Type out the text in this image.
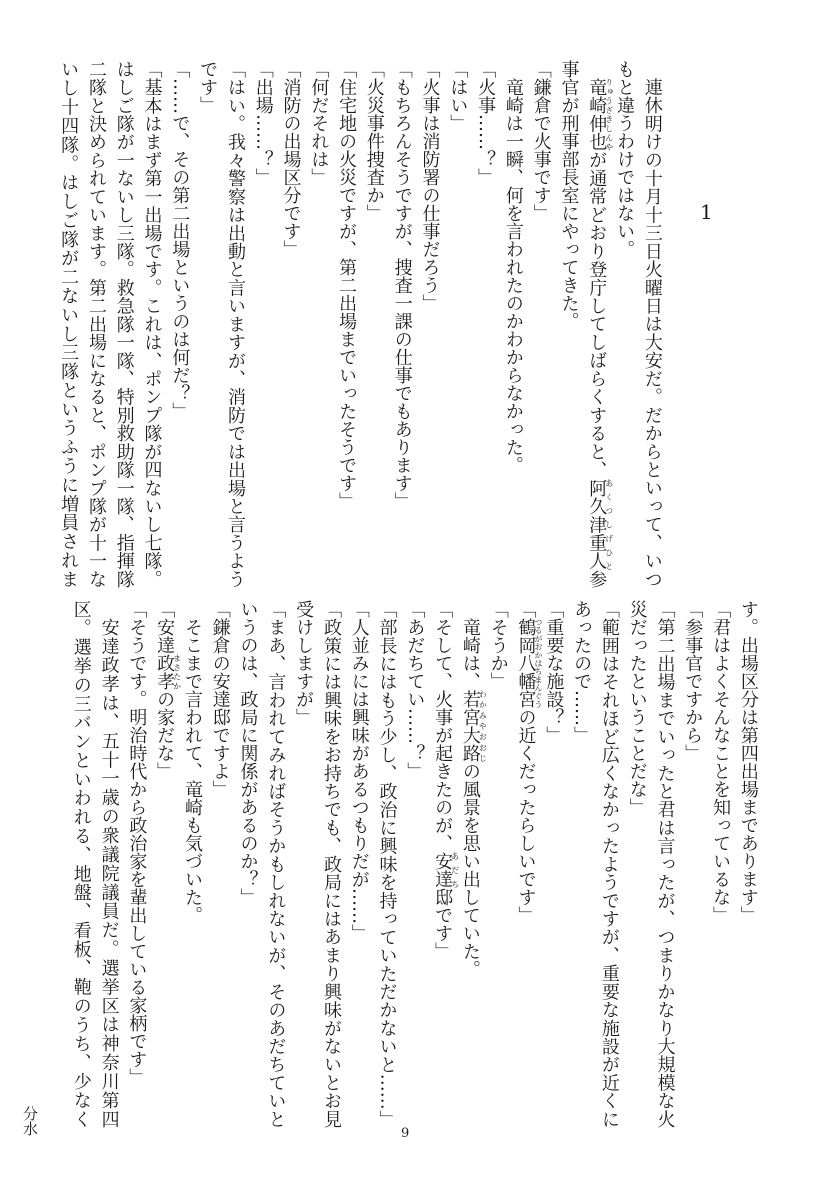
1
連休明けの十月十三日火曜日は大安だ。だからといって、いつ
もと違うわけではない。
竜崎伸也
りゅうざきしんや
が通常どおり登庁してしばらくすると、阿久津重人
あくつしげひと
参
事官が刑事部長室にやってきた。
「鎌倉で火事です」
竜崎は一瞬、何を言われたのかわからなかった。
「火事……？」
「はい」
「火事は消防署の仕事だろう」
「もちろんそうですが、捜査一課の仕事でもあります」
「火災事件捜査か」
「住宅地の火災ですが、第二出場までいったそうです」
「何だそれは」
「消防の出場区分です」
「出場……？」
「はい。我々警察は出動と言いますが、消防では出場と言うよう
です」
「……で、その第二出場というのは何だ？」
「基本はまず第一出場です。これは、ポンプ隊が四ないし七隊。
はしご隊が一ないし三隊。救急隊一隊、特別救助隊一隊、指揮隊
二隊と決められています。第二出場になると、ポンプ隊が十一な
いし十四隊。はしご隊が二ないし三隊というふうに増員されま
す。出場区分は第四出場まであります」
「君はよくそんなことを知っているな」
「参事官ですから」
「第二出場までいったと君は言ったが、つまりかなり大規模な火
災だったということだな」
「範囲はそれほど広くなかったようですが、重要な施設が近くに
あったので……」
「重要な施設？」
「鶴岡八幡宮
つるがおかはちまんぐう
の近くだったらしいです」
「そうか」
竜崎は、若宮大路
わかみやおおじ
の風景を思い出していた。
「そして、火事が起きたのが、安達
あだち
邸です」
「あだちてい……？」
「部長にはもう少し、政治に興味を持っていただかないと……」
「人並みには興味があるつもりだが……」
「政策には興味をお持ちでも、政局にはあまり興味がないとお見
受けしますが」
「まあ、言われてみればそうかもしれないが、そのあだちていと
いうのは、政局に関係があるのか？」
「鎌倉の安達邸ですよ」
そこまで言われて、竜崎も気づいた。
「安達政孝
まさたか
の家だな」
「そうです。明治時代から政治家を輩出している家柄です」
安達政孝は、五十一歳の衆議院議員だ。選挙区は神奈川第四
区。選挙の三バンといわれる、地盤、看板、鞄のうち、少なく
分水	9
